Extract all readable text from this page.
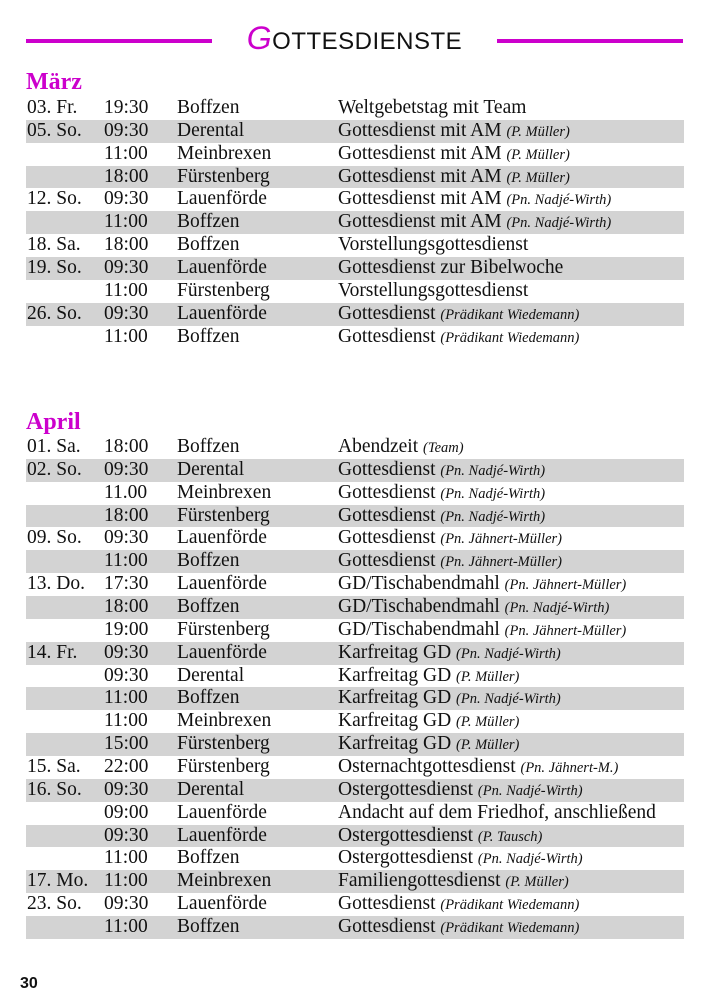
GOTTESDIENSTE
März
03. Fr. 19:30 Boffzen	Weltgebetstag mit Team
05. So. 09:30 Derental	Gottesdienst mit AM (P. Müller)
11:00 Meinbrexen	Gottesdienst mit AM (P. Müller)
18:00 Fürstenberg	Gottesdienst mit AM (P. Müller)
12. So. 09:30 Lauenförde	Gottesdienst mit AM (Pn. Nadjé-Wirth)
11:00 Boffzen	Gottesdienst mit AM (Pn. Nadjé-Wirth)
18. Sa. 18:00 Boffzen	Vorstellungsgottesdienst
19. So. 09:30 Lauenförde	Gottesdienst zur Bibelwoche
11:00 Fürstenberg	Vorstellungsgottesdienst
26. So. 09:30 Lauenförde	Gottesdienst (Prädikant Wiedemann)
11:00 Boffzen	Gottesdienst (Prädikant Wiedemann)
April
01. Sa. 18:00 Boffzen	Abendzeit (Team)
02. So. 09:30 Derental	Gottesdienst (Pn. Nadjé-Wirth)
11.00 Meinbrexen	Gottesdienst (Pn. Nadjé-Wirth)
18:00 Fürstenberg	Gottesdienst (Pn. Nadjé-Wirth)
09. So. 09:30 Lauenförde	Gottesdienst (Pn. Jähnert-Müller)
11:00 Boffzen	Gottesdienst (Pn. Jähnert-Müller)
13. Do. 17:30 Lauenförde	GD/Tischabendmahl (Pn. Jähnert-Müller)
18:00 Boffzen	GD/Tischabendmahl (Pn. Nadjé-Wirth)
19:00 Fürstenberg	GD/Tischabendmahl (Pn. Jähnert-Müller)
14. Fr. 09:30 Lauenförde	Karfreitag GD (Pn. Nadjé-Wirth)
09:30 Derental	Karfreitag GD (P. Müller)
11:00 Boffzen	Karfreitag GD (Pn. Nadjé-Wirth)
11:00 Meinbrexen	Karfreitag GD (P. Müller)
15:00 Fürstenberg	Karfreitag GD (P. Müller)
15. Sa. 22:00 Fürstenberg	Osternachtgottesdienst (Pn. Jähnert-M.)
16. So. 09:30 Derental	Ostergottesdienst (Pn. Nadjé-Wirth)
09:00 Lauenförde	Andacht auf dem Friedhof, anschließend
09:30 Lauenförde	Ostergottesdienst (P. Tausch)
11:00 Boffzen	Ostergottesdienst (Pn. Nadjé-Wirth)
17. Mo. 11:00 Meinbrexen	Familiengottesdienst (P. Müller)
23. So. 09:30 Lauenförde	Gottesdienst (Prädikant Wiedemann)
11:00 Boffzen	Gottesdienst (Prädikant Wiedemann)
30
